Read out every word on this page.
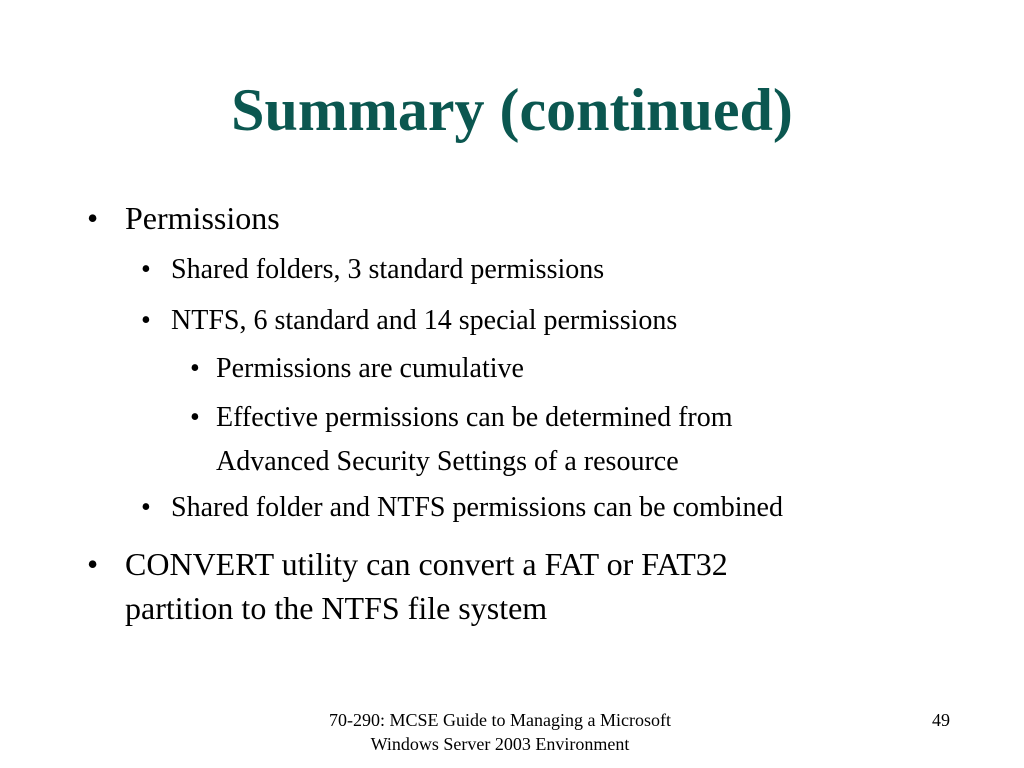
Summary (continued)
• Permissions
• Shared folders, 3 standard permissions
• NTFS, 6 standard and 14 special permissions
• Permissions are cumulative
• Effective permissions can be determined from
Advanced Security Settings of a resource
• Shared folder and NTFS permissions can be combined
• CONVERT utility can convert a FAT or FAT32
partition to the NTFS file system
70-290: MCSE Guide to Managing a Microsoft
Windows Server 2003 Environment
49
